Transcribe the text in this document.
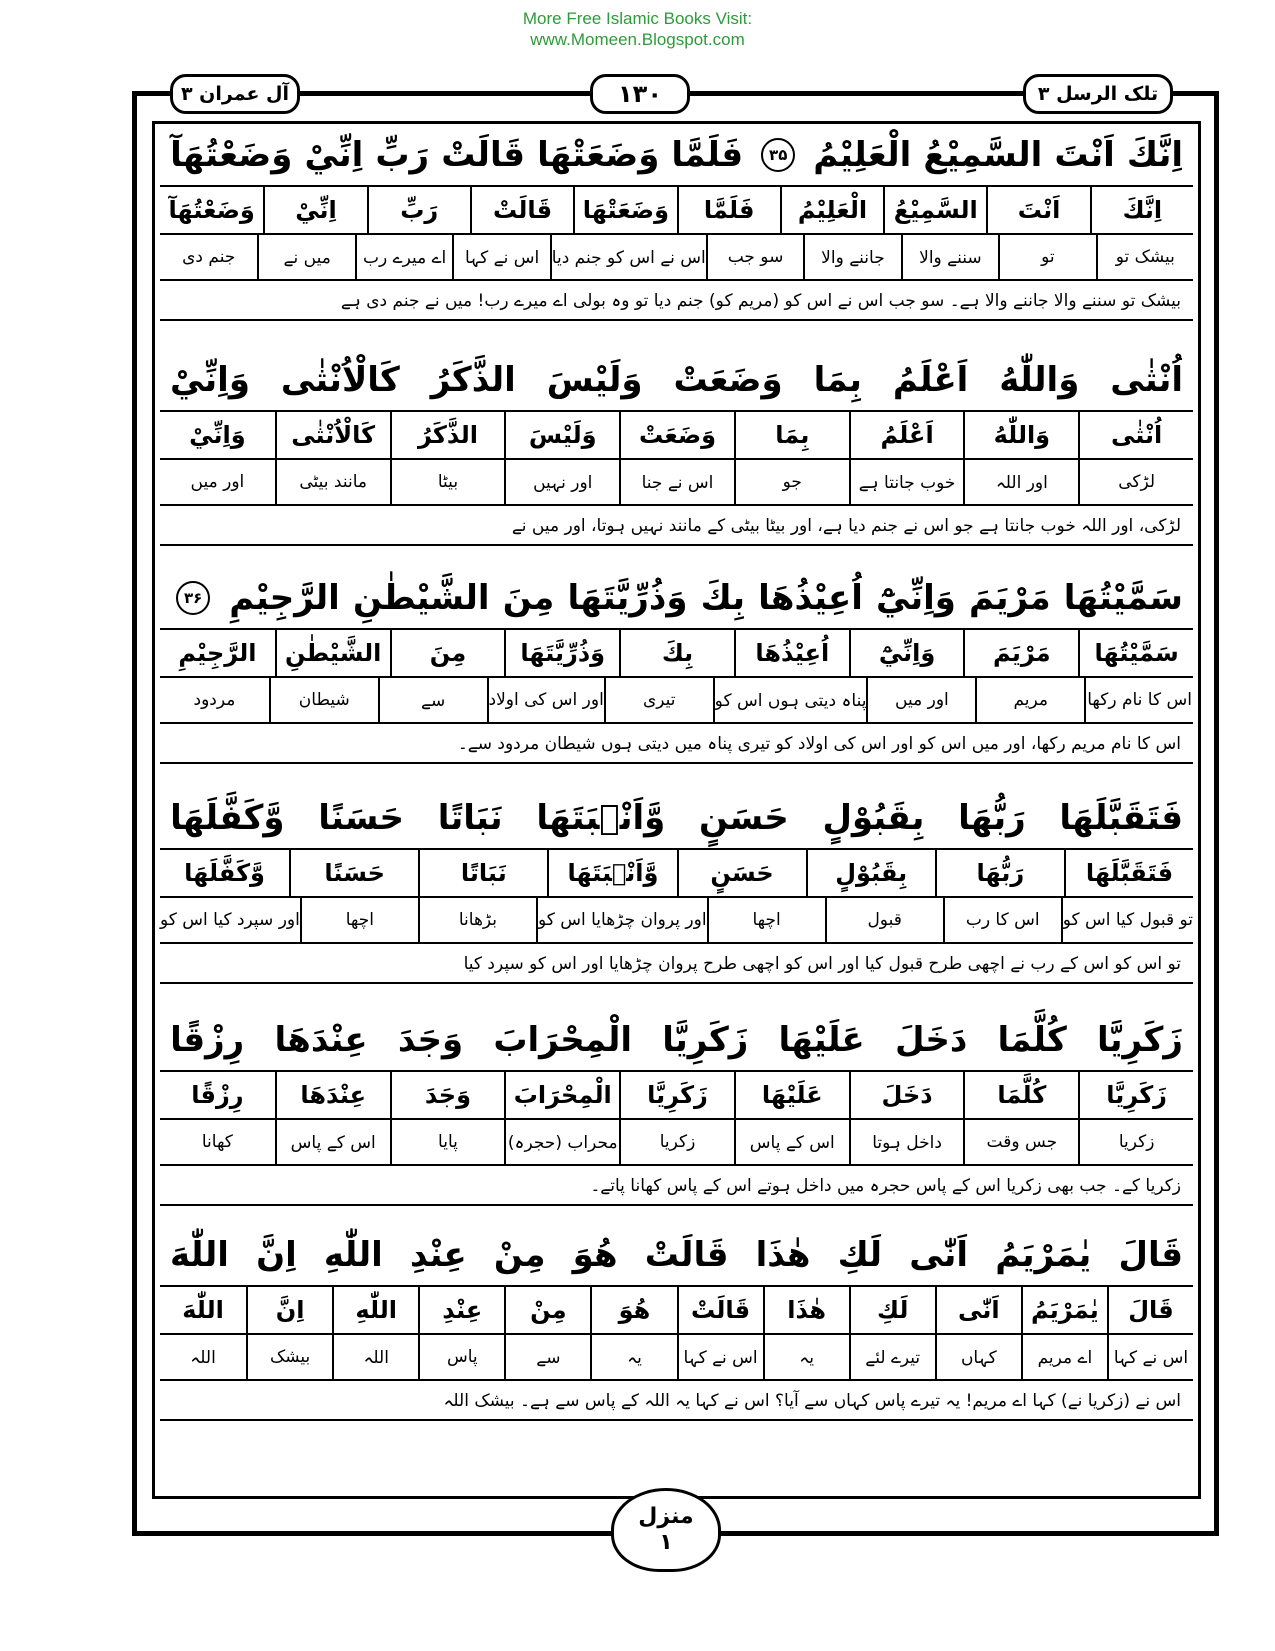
More Free Islamic Books Visit:
www.Momeen.Blogspot.com
آل عمران ۳	۱۳۰	تلک الرسل ۳
اِنَّكَ
اَنْتَ
السَّمِيْعُ
الْعَلِيْمُ
۳۵
فَلَمَّا
وَضَعَتْهَا
قَالَتْ
رَبِّ
اِنِّيْ
وَضَعْتُهَآ
اِنَّكَ
اَنْتَ
السَّمِيْعُ
الْعَلِيْمُ
فَلَمَّا
وَضَعَتْهَا
قَالَتْ
رَبِّ
اِنِّيْ
وَضَعْتُهَآ
بیشک تو
تو
سننے والا
جاننے والا
سو جب
اس نے اس کو جنم دیا
اس نے کہا
اے میرے رب
میں نے
جنم دی
بیشک تو سننے والا جاننے والا ہے۔ سو جب اس نے اس کو (مریم کو) جنم دیا تو وہ بولی اے میرے رب! میں نے جنم دی ہے
اُنْثٰى
وَاللّٰهُ
اَعْلَمُ
بِمَا
وَضَعَتْ
وَلَيْسَ
الذَّكَرُ
كَالْاُنْثٰى
وَاِنِّيْ
اُنْثٰى
وَاللّٰهُ
اَعْلَمُ
بِمَا
وَضَعَتْ
وَلَيْسَ
الذَّكَرُ
كَالْاُنْثٰى
وَاِنِّيْ
لڑکی
اور اللہ
خوب جانتا ہے
جو
اس نے جنا
اور نہیں
بیٹا
مانند بیٹی
اور میں
لڑکی، اور اللہ خوب جانتا ہے جو اس نے جنم دیا ہے، اور بیٹا بیٹی کے مانند نہیں ہوتا، اور میں نے
سَمَّيْتُهَا
مَرْيَمَ
وَاِنِّيْٓ
اُعِيْذُهَا
بِكَ
وَذُرِّيَّتَهَا
مِنَ
الشَّيْطٰنِ
الرَّجِيْمِ
۳۶
سَمَّيْتُهَا
مَرْيَمَ
وَاِنِّيْٓ
اُعِيْذُهَا
بِكَ
وَذُرِّيَّتَهَا
مِنَ
الشَّيْطٰنِ
الرَّجِيْمِ
اس کا نام رکھا
مریم
اور میں
پناہ دیتی ہوں اس کو
تیری
اور اس کی اولاد
سے
شیطان
مردود
اس کا نام مریم رکھا، اور میں اس کو اور اس کی اولاد کو تیری پناہ میں دیتی ہوں شیطان مردود سے۔
فَتَقَبَّلَهَا
رَبُّهَا
بِقَبُوْلٍ
حَسَنٍ
وَّاَنْۢبَتَهَا
نَبَاتًا
حَسَنًا
وَّكَفَّلَهَا
فَتَقَبَّلَهَا
رَبُّهَا
بِقَبُوْلٍ
حَسَنٍ
وَّاَنْۢبَتَهَا
نَبَاتًا
حَسَنًا
وَّكَفَّلَهَا
تو قبول کیا اس کو
اس کا رب
قبول
اچھا
اور پروان چڑھایا اس کو
بڑھانا
اچھا
اور سپرد کیا اس کو
تو اس کو اس کے رب نے اچھی طرح قبول کیا اور اس کو اچھی طرح پروان چڑھایا اور اس کو سپرد کیا
زَكَرِيَّا
كُلَّمَا
دَخَلَ
عَلَيْهَا
زَكَرِيَّا
الْمِحْرَابَ
وَجَدَ
عِنْدَهَا
رِزْقًا
زَكَرِيَّا
كُلَّمَا
دَخَلَ
عَلَيْهَا
زَكَرِيَّا
الْمِحْرَابَ
وَجَدَ
عِنْدَهَا
رِزْقًا
زکریا
جس وقت
داخل ہوتا
اس کے پاس
زکریا
محراب (حجرہ)
پایا
اس کے پاس
کھانا
زکریا کے۔ جب بھی زکریا اس کے پاس حجرہ میں داخل ہوتے اس کے پاس کھانا پاتے۔
قَالَ
يٰمَرْيَمُ
اَنّٰى
لَكِ
هٰذَا
قَالَتْ
هُوَ
مِنْ
عِنْدِ
اللّٰهِ
اِنَّ
اللّٰهَ
قَالَ
يٰمَرْيَمُ
اَنّٰى
لَكِ
هٰذَا
قَالَتْ
هُوَ
مِنْ
عِنْدِ
اللّٰهِ
اِنَّ
اللّٰهَ
اس نے کہا
اے مریم
کہاں
تیرے لئے
یہ
اس نے کہا
یہ
سے
پاس
اللہ
بیشک
اللہ
اس نے (زکریا نے) کہا اے مریم! یہ تیرے پاس کہاں سے آیا؟ اس نے کہا یہ اللہ کے پاس سے ہے۔ بیشک اللہ
منزل
۱
